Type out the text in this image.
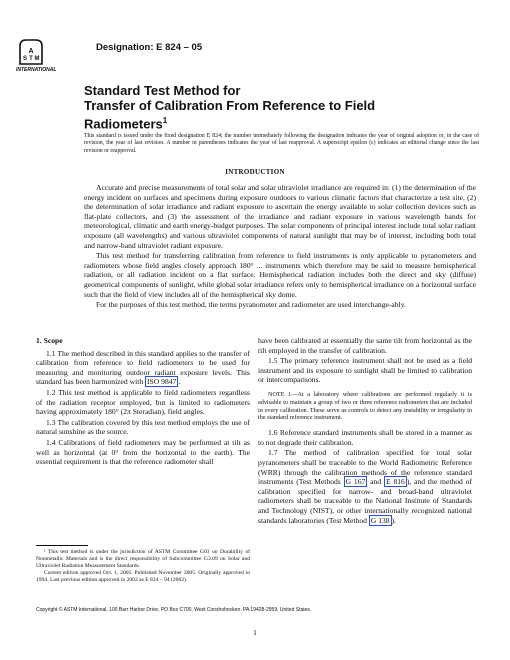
A
S T M
INTERNATIONAL
Designation: E 824 – 05
Standard Test Method for
Transfer of Calibration From Reference to Field
Radiometers$^1$
This standard is issued under the fixed designation E 824; the number immediately following the designation indicates the year of original adoption or, in the case of revision, the year of last revision. A number in parentheses indicates the year of last reapproval. A superscript epsilon (ε) indicates an editorial change since the last revision or reapproval.
INTRODUCTION

Accurate and precise measurements of total solar and solar ultraviolet irradiance are required in: (1) the determination of the energy incident on surfaces and specimens during exposure outdoors to various climatic factors that characterize a test site, (2) the determination of solar irradiance and radiant exposure to ascertain the energy available to solar collection devices such as flat-plate collectors, and (3) the assessment of the irradiance and radiant exposure in various wavelength bands for meteorological, climatic and earth energy-budget purposes. The solar components of principal interest include total solar radiant exposure (all wavelengths) and various ultraviolet components of natural sunlight that may be of interest, including both total and narrow-band ultraviolet radiant exposure.

This test method for transferring calibration from reference to field instruments is only applicable to pyranometers and radiometers whose field angles closely approach 180° ... instruments which therefore may be said to measure hemispherical radiation, or all radiation incident on a flat surface. Hemispherical radiation includes both the direct and sky (diffuse) geometrical components of sunlight, while global solar irradiance refers only to hemispherical irradiance on a horizontal surface such that the field of view includes all of the hemispherical sky dome.

For the purposes of this test method, the terms pyranometer and radiometer are used interchange-ably.

1. Scope

1.1 The method described in this standard applies to the transfer of calibration from reference to field radiometers to be used for measuring and monitoring outdoor radiant exposure levels. This standard has been harmonized with ISO 9847 .

1.2 This test method is applicable to field radiometers regardless of the radiation receptor employed, but is limited to radiometers having approximately 180° (2π Steradian), field angles.

1.3 The calibration covered by this test method employs the use of natural sunshine as the source.

1.4 Calibrations of field radiometers may be performed at tilt as well as horizontal (at 0° from the horizontal to the earth). The essential requirement is that the reference radiometer shall

have been calibrated at essentially the same tilt from horizontal as the tilt employed in the transfer of calibration.

1.5 The primary reference instrument shall not be used as a field instrument and its exposure to sunlight shall be limited to calibration or intercomparisons.

NOTE 1—At a laboratory where calibrations are performed regularly it is advisable to maintain a group of two or three reference radiometers that are included in every calibration. These serve as controls to detect any instability or irregularity in the standard reference instrument.

1.6 Reference standard instruments shall be stored in a manner as to not degrade their calibration.

1.7 The method of calibration specified for total solar pyranometers shall be traceable to the World Radiometric Reference (WRR) through the calibration methods of the reference standard instruments (Test Methods G 167 and E 816 ), and the method of calibration specified for narrow- and broad-band ultraviolet radiometers shall be traceable to the National Institute of Standards and Technology (NIST), or other internationally recognized national standards laboratories (Test Method G 138 ).

¹ This test method is under the jurisdiction of ASTM Committee G03 on Durability of Nonmetallic Materials and is the direct responsibility of Subcommittee G3.09 on Solar and Ultraviolet Radiation Measurement Standards.

Current edition approved Oct. 1, 2005. Published November 2005. Originally approved in 1994. Last previous edition approved in 2002 as E 824 – 94 (2002).

Copyright © ASTM International, 100 Barr Harbor Drive, PO Box C700, West Conshohocken, PA 19428-2959, United States.
1
